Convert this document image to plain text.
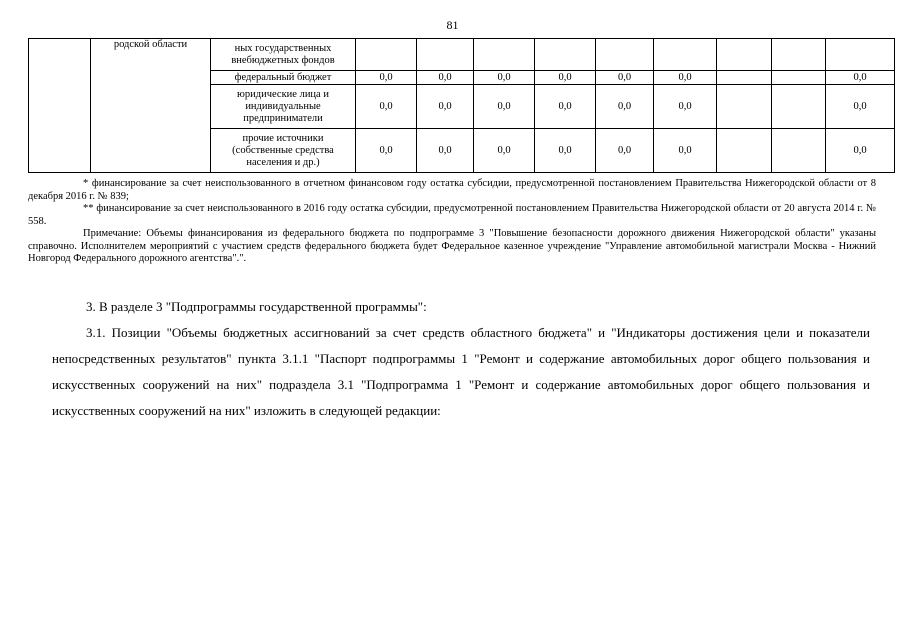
81
	родской области	ных государственных внебюджетных фондов									
		федеральный бюджет	0,0	0,0	0,0	0,0	0,0	0,0			0,0
		юридические лица и индивидуальные предприниматели	0,0	0,0	0,0	0,0	0,0	0,0			0,0
		прочие источники (собственные средства населения и др.)	0,0	0,0	0,0	0,0	0,0	0,0			0,0

* финансирование за счет неиспользованного в отчетном финансовом году остатка субсидии, предусмотренной постановлением Правительства Нижегородской области от 8 декабря 2016 г. № 839;

** финансирование за счет неиспользованного в 2016 году остатка субсидии, предусмотренной постановлением Правительства Нижегородской области от 20 августа 2014 г. № 558.

Примечание: Объемы финансирования из федерального бюджета по подпрограмме 3 "Повышение безопасности дорожного движения Нижегородской области" указаны справочно. Исполнителем мероприятий с участием средств федерального бюджета будет Федеральное казенное учреждение "Управление автомобильной магистрали Москва - Нижний Новгород Федерального дорожного агентства".".

3. В разделе 3 "Подпрограммы государственной программы":

3.1. Позиции "Объемы бюджетных ассигнований за счет средств областного бюджета" и "Индикаторы достижения цели и показатели непосредственных результатов" пункта 3.1.1 "Паспорт подпрограммы 1 "Ремонт и содержание автомобильных дорог общего пользования и искусственных сооружений на них" подраздела 3.1 "Подпрограмма 1 "Ремонт и содержание автомобильных дорог общего пользования и искусственных сооружений на них" изложить в следующей редакции:
